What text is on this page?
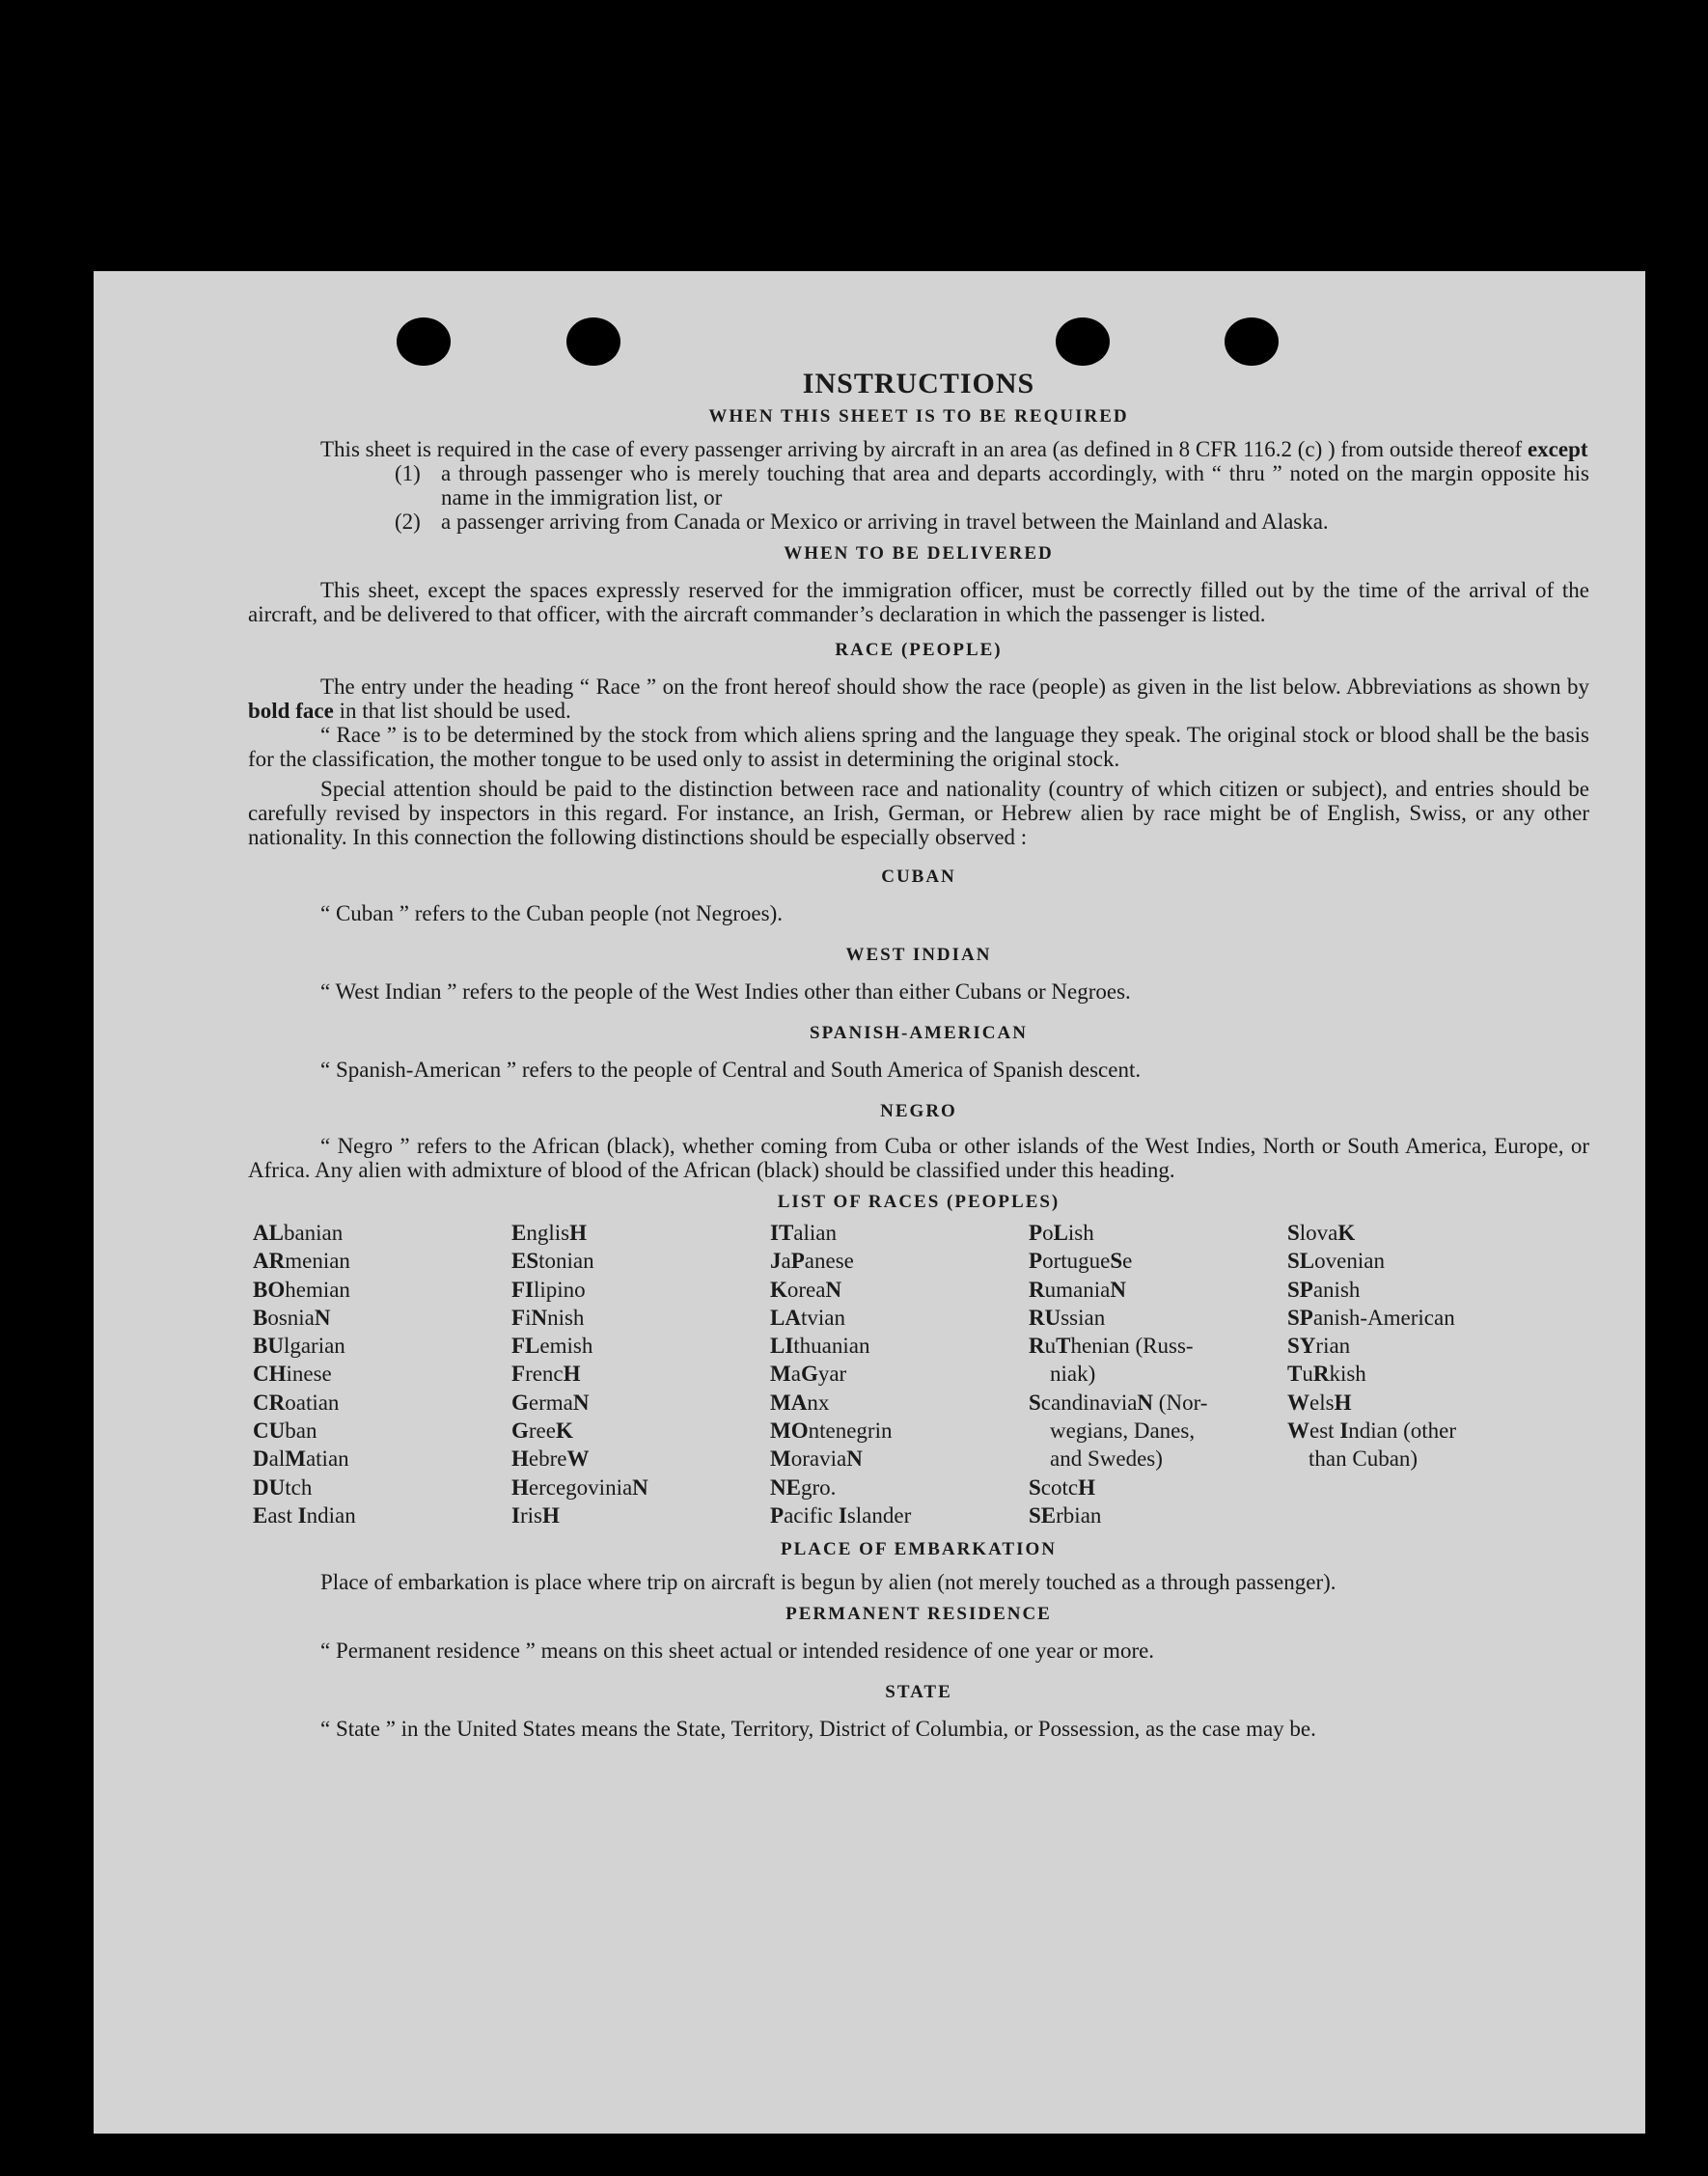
INSTRUCTIONS
WHEN THIS SHEET IS TO BE REQUIRED

This sheet is required in the case of every passenger arriving by aircraft in an area (as defined in 8 CFR 116.2 (c) ) from outside thereof except

(1) a through passenger who is merely touching that area and departs accordingly, with “ thru ” noted on the margin opposite his name in the immigration list, or
(2) a passenger arriving from Canada or Mexico or arriving in travel between the Mainland and Alaska.
WHEN TO BE DELIVERED

This sheet, except the spaces expressly reserved for the immigration officer, must be correctly filled out by the time of the arrival of the aircraft, and be delivered to that officer, with the aircraft commander’s declaration in which the passenger is listed.

RACE (PEOPLE)

The entry under the heading “ Race ” on the front hereof should show the race (people) as given in the list below. Abbreviations as shown by bold face in that list should be used.

“ Race ” is to be determined by the stock from which aliens spring and the language they speak. The original stock or blood shall be the basis for the classification, the mother tongue to be used only to assist in determining the original stock.

Special attention should be paid to the distinction between race and nationality (country of which citizen or subject), and entries should be carefully revised by inspectors in this regard. For instance, an Irish, German, or Hebrew alien by race might be of English, Swiss, or any other nationality. In this connection the following distinctions should be especially observed :

CUBAN

“ Cuban ” refers to the Cuban people (not Negroes).

WEST INDIAN

“ West Indian ” refers to the people of the West Indies other than either Cubans or Negroes.

SPANISH-AMERICAN

“ Spanish-American ” refers to the people of Central and South America of Spanish descent.

NEGRO

“ Negro ” refers to the African (black), whether coming from Cuba or other islands of the West Indies, North or South America, Europe, or Africa. Any alien with admixture of blood of the African (black) should be classified under this heading.

LIST OF RACES (PEOPLES)
ALbanian
ARmenian
BOhemian
BosniaN
BUlgarian
CHinese
CRoatian
CUban
DalMatian
DUtch
East Indian
EnglisH
EStonian
FIlipino
FiNnish
FLemish
FrencH
GermaN
GreeK
HebreW
HercegoviniaN
IrisH
ITalian
JaPanese
KoreaN
LAtvian
LIthuanian
MaGyar
MAnx
MOntenegrin
MoraviaN
NEgro.
Pacific Islander
PoLish
PortugueSe
RumaniaN
RUssian
RuThenian (Russ-
niak)
ScandinaviaN (Nor-
wegians, Danes,
and Swedes)
ScotcH
SErbian
SlovaK
SLovenian
SPanish
SPanish-American
SYrian
TuRkish
WelsH
West Indian (other
than Cuban)
PLACE OF EMBARKATION

Place of embarkation is place where trip on aircraft is begun by alien (not merely touched as a through passenger).

PERMANENT RESIDENCE

“ Permanent residence ” means on this sheet actual or intended residence of one year or more.

STATE

“ State ” in the United States means the State, Territory, District of Columbia, or Possession, as the case may be.
